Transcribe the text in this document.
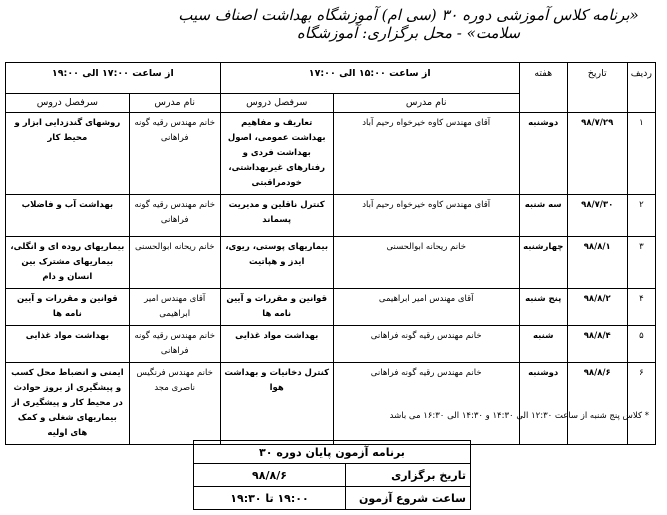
«برنامه کلاس آموزشی دوره ۳۰ (سی ام) آموزشگاه بهداشت اصناف سیب سلامت» - محل برگزاری: آموزشگاه
ردیف	تاریخ	هفته	از ساعت ۱۵:۰۰ الی ۱۷:۰۰		از ساعت ۱۷:۰۰ الی ۱۹:۰۰	
			نام مدرس	سرفصل دروس	نام مدرس	سرفصل دروس
۱	۹۸/۷/۲۹	دوشنبه	آقای مهندس کاوه خیرخواه رحیم آباد	تعاریف و مفاهیم بهداشت عمومی، اصول بهداشت فردی و رفتارهای غیربهداشتی، خودمراقبتی	خانم مهندس رقیه گونه فراهانی	روشهای گندزدایی ابزار و محیط کار
۲	۹۸/۷/۳۰	سه شنبه	آقای مهندس کاوه خیرخواه رحیم آباد	کنترل ناقلین و مدیریت پسماند	خانم مهندس رقیه گونه فراهانی	بهداشت آب و فاضلاب
۳	۹۸/۸/۱	چهارشنبه	خانم ریحانه ابوالحسنی	بیماریهای پوستی، ریوی، ایدز و هپاتیت	خانم ریحانه ابوالحسنی	بیماریهای روده ای و انگلی، بیماریهای مشترک بین انسان و دام
۴	۹۸/۸/۲	پنج شنبه	آقای مهندس امیر ابراهیمی	قوانین و مقررات و آیین نامه ها	آقای مهندس امیر ابراهیمی	قوانین و مقررات و آیین نامه ها
۵	۹۸/۸/۴	شنبه	خانم مهندس رقیه گونه فراهانی	بهداشت مواد غذایی	خانم مهندس رقیه گونه فراهانی	بهداشت مواد غذایی
۶	۹۸/۸/۶	دوشنبه	خانم مهندس رقیه گونه فراهانی	کنترل دخانیات و بهداشت هوا	خانم مهندس فرنگیس ناصری مجد	ایمنی و انضباط محل کسب و پیشگیری از بروز حوادث در محیط کار و پیشگیری از بیماریهای شغلی و کمک های اولیه
* کلاس پنج شنبه از ساعت ۱۲:۳۰ الی ۱۴:۳۰ و ۱۴:۳۰ الی ۱۶:۳۰ می باشد
برنامه آزمون پایان دوره ۳۰	
تاریخ برگزاری	۹۸/۸/۶
ساعت شروع آزمون	۱۹:۰۰ تا ۱۹:۳۰
